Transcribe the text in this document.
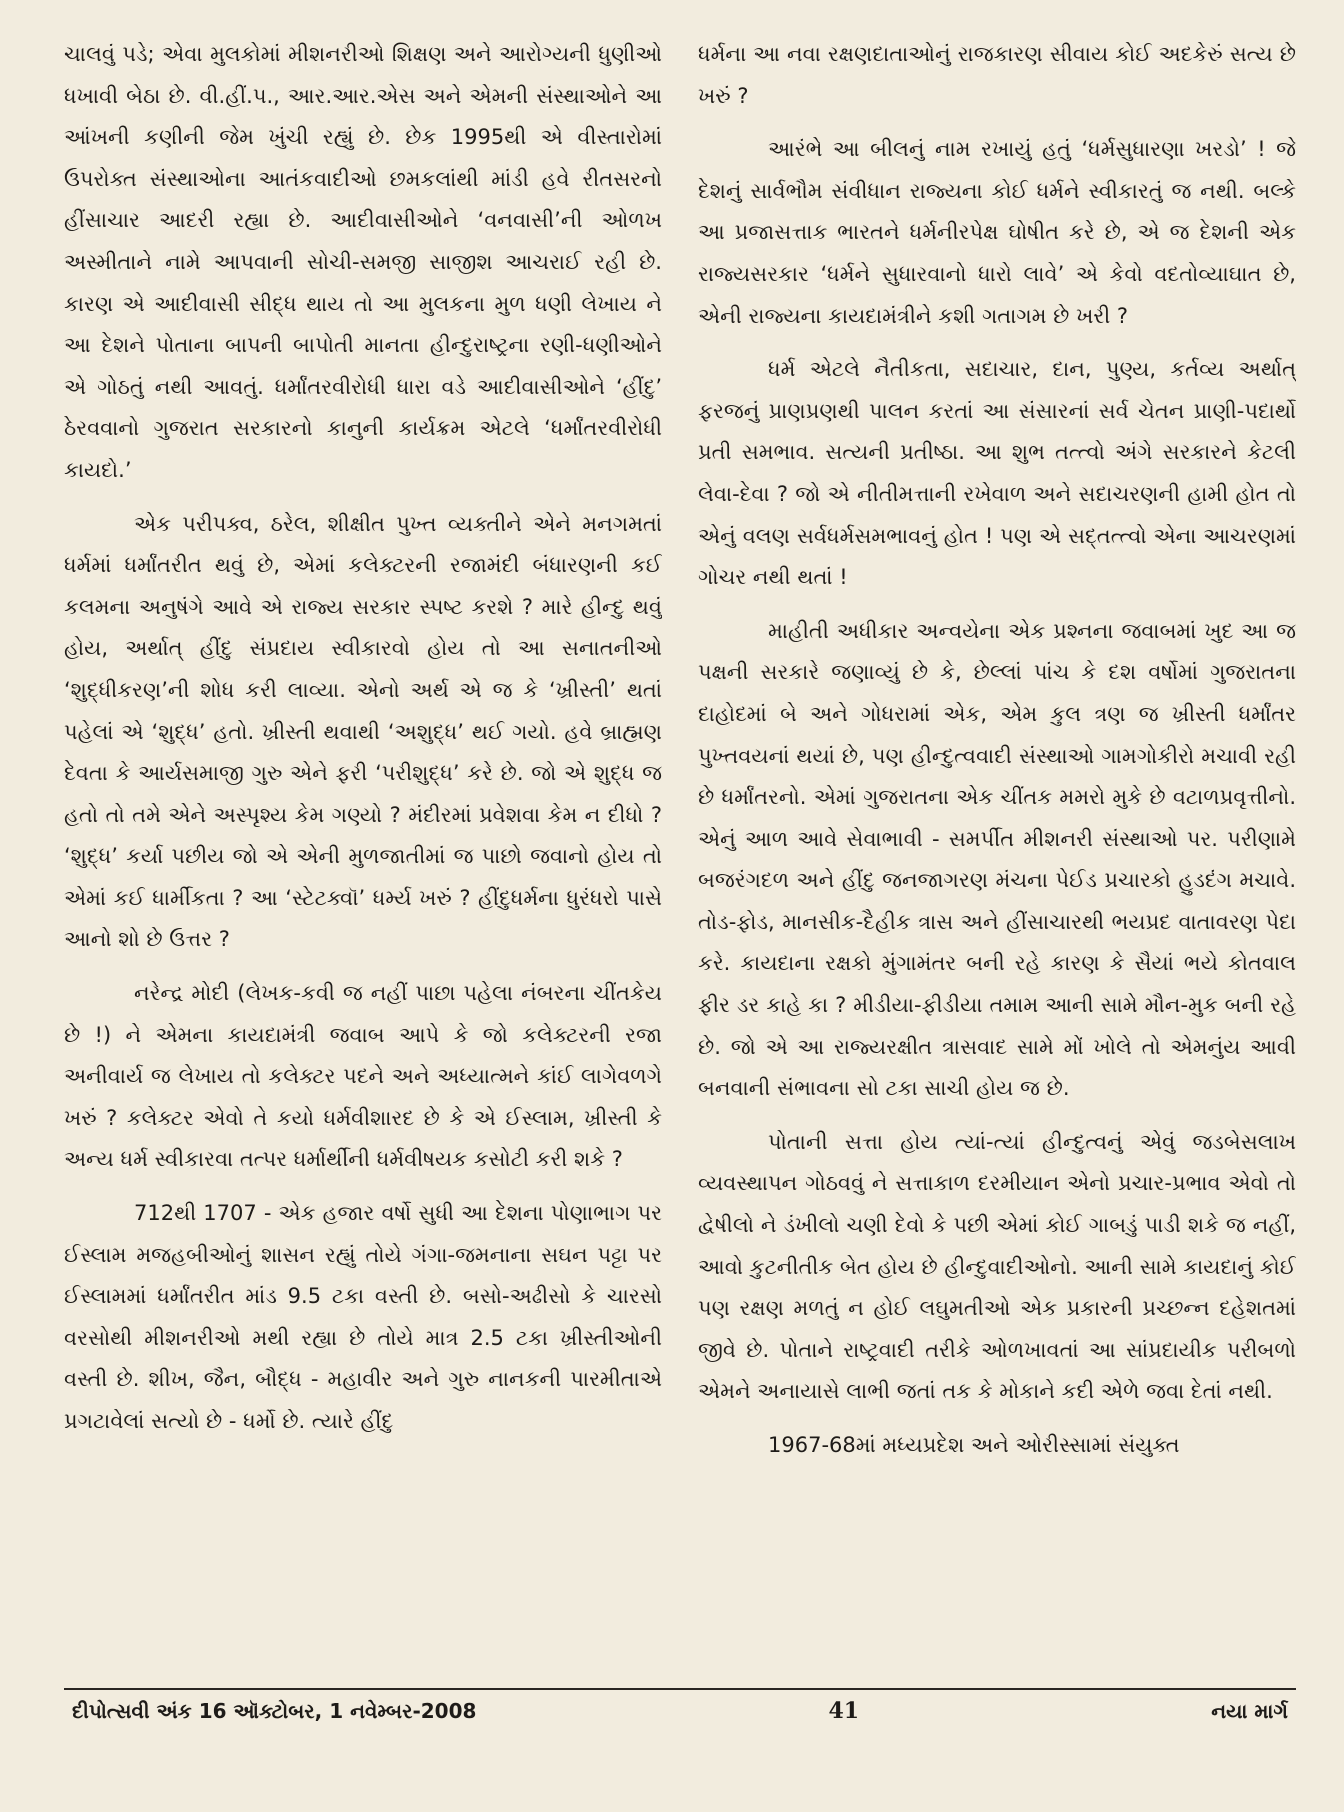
ચાલવું પડે; એવા મુલકોમાં મીશનરીઓ શિક્ષણ અને આરોગ્યની ધુણીઓ ધખાવી બેઠા છે. વી.હીં.પ., આર.આર.એસ અને એમની સંસ્થાઓને આ આંખની કણીની જેમ ખુંચી રહ્યું છે. છેક 1995થી એ વીસ્તારોમાં ઉપરોક્ત સંસ્થાઓના આતંકવાદીઓ છમકલાંથી માંડી હવે રીતસરનો હીંસાચાર આદરી રહ્યા છે. આદીવાસીઓને ‘વનવાસી’ની ઓળખ અસ્મીતાને નામે આપવાની સોચી-સમજી સાજીશ આચરાઈ રહી છે. કારણ એ આદીવાસી સીદ્ધ થાય તો આ મુલકના મુળ ધણી લેખાય ને આ દેશને પોતાના બાપની બાપોતી માનતા હીન્દુરાષ્ટ્રના રણી-ધણીઓને એ ગોઠતું નથી આવતું. ધર્માંતરવીરોધી ધારા વડે આદીવાસીઓને ‘હીંદુ’ ઠેરવવાનો ગુજરાત સરકારનો કાનુની કાર્યક્રમ એટલે ‘ધર્માંતરવીરોધી કાયદો.’

એક પરીપક્વ, ઠરેલ, શીક્ષીત પુખ્ત વ્યક્તીને એને મનગમતાં ધર્મમાં ધર્માંતરીત થવું છે, એમાં કલેક્ટરની રજામંદી બંધારણની કઈ કલમના અનુષંગે આવે એ રાજ્ય સરકાર સ્પષ્ટ કરશે ? મારે હીન્દુ થવું હોય, અર્થાત્ હીંદુ સંપ્રદાય સ્વીકારવો હોય તો આ સનાતનીઓ ‘શુદ્ધીકરણ’ની શોધ કરી લાવ્યા. એનો અર્થ એ જ કે ‘ખ્રીસ્તી’ થતાં પહેલાં એ ‘શુદ્ધ’ હતો. ખ્રીસ્તી થવાથી ‘અશુદ્ધ’ થઈ ગયો. હવે બ્રાહ્મણ દેવતા કે આર્યસમાજી ગુરુ એને ફરી ‘પરીશુદ્ધ’ કરે છે. જો એ શુદ્ધ જ હતો તો તમે એને અસ્પૃશ્ય કેમ ગણ્યો ? મંદીરમાં પ્રવેશવા કેમ ન દીધો ? ‘શુદ્ધ’ કર્યા પછીય જો એ એની મુળજાતીમાં જ પાછો જવાનો હોય તો એમાં કઈ ધાર્મીકતા ? આ ‘સ્ટેટક્વૉ’ ધર્મ્ય ખરું ? હીંદુધર્મના ધુરંધરો પાસે આનો શો છે ઉત્તર ?

નરેન્દ્ર મોદી (લેખક-કવી જ નહીં પાછા પહેલા નંબરના ચીંતકેય છે !) ને એમના કાયદામંત્રી જવાબ આપે કે જો કલેક્ટરની રજા અનીવાર્ય જ લેખાય તો કલેક્ટર પદને અને અધ્યાત્મને કાંઈ લાગેવળગે ખરું ? કલેક્ટર એવો તે કયો ધર્મવીશારદ છે કે એ ઈસ્લામ, ખ્રીસ્તી કે અન્ય ધર્મ સ્વીકારવા તત્પર ધર્માર્થીની ધર્મવીષયક કસોટી કરી શકે ?

712થી 1707 - એક હજાર વર્ષો સુધી આ દેશના પોણાભાગ પર ઈસ્લામ મજહબીઓનું શાસન રહ્યું તોયે ગંગા-જમનાના સઘન પટ્ટા પર ઈસ્લામમાં ધર્માંતરીત માંડ 9.5 ટકા વસ્તી છે. બસો-અઢીસો કે ચારસો વરસોથી મીશનરીઓ મથી રહ્યા છે તોયે માત્ર 2.5 ટકા ખ્રીસ્તીઓની વસ્તી છે. શીખ, જૈન, બૌદ્ધ - મહાવીર અને ગુરુ નાનકની પારમીતાએ પ્રગટાવેલાં સત્યો છે - ધર્મો છે. ત્યારે હીંદુ

ધર્મના આ નવા રક્ષણદાતાઓનું રાજકારણ સીવાય કોઈ અદકેરું સત્ય છે ખરું ?

આરંભે આ બીલનું નામ રખાયું હતું ‘ધર્મસુધારણા ખરડો’ ! જે દેશનું સાર્વભૌમ સંવીધાન રાજ્યના કોઈ ધર્મને સ્વીકારતું જ નથી. બલ્કે આ પ્રજાસત્તાક ભારતને ધર્મનીરપેક્ષ ઘોષીત કરે છે, એ જ દેશની એક રાજ્યસરકાર ‘ધર્મને સુધારવાનો ધારો લાવે’ એ કેવો વદતોવ્યાઘાત છે, એની રાજ્યના કાયદામંત્રીને કશી ગતાગમ છે ખરી ?

ધર્મ એટલે નૈતીકતા, સદાચાર, દાન, પુણ્ય, કર્તવ્ય અર્થાત્ ફરજનું પ્રાણપ્રણથી પાલન કરતાં આ સંસારનાં સર્વ ચેતન પ્રાણી-પદાર્થો પ્રતી સમભાવ. સત્યની પ્રતીષ્ઠા. આ શુભ તત્ત્વો અંગે સરકારને કેટલી લેવા-દેવા ? જો એ નીતીમત્તાની રખેવાળ અને સદાચરણની હામી હોત તો એનું વલણ સર્વધર્મસમભાવનું હોત ! પણ એ સદ્તત્ત્વો એના આચરણમાં ગોચર નથી થતાં !

માહીતી અધીકાર અન્વયેના એક પ્રશ્નના જવાબમાં ખુદ આ જ પક્ષની સરકારે જણાવ્યું છે કે, છેલ્લાં પાંચ કે દશ વર્ષોમાં ગુજરાતના દાહોદમાં બે અને ગોધરામાં એક, એમ કુલ ત્રણ જ ખ્રીસ્તી ધર્માંતર પુખ્તવયનાં થયાં છે, પણ હીન્દુત્વવાદી સંસ્થાઓ ગામગોકીરો મચાવી રહી છે ધર્માંતરનો. એમાં ગુજરાતના એક ચીંતક મમરો મુકે છે વટાળપ્રવૃત્તીનો. એનું આળ આવે સેવાભાવી - સમર્પીત મીશનરી સંસ્થાઓ પર. પરીણામે બજરંગદળ અને હીંદુ જનજાગરણ મંચના પેઈડ પ્રચારકો હુડદંગ મચાવે. તોડ-ફોડ, માનસીક-દૈહીક ત્રાસ અને હીંસાચારથી ભયપ્રદ વાતાવરણ પેદા કરે. કાયદાના રક્ષકો મુંગામંતર બની રહે કારણ કે સૈયાં ભયે કોતવાલ ફીર ડર કાહે કા ? મીડીયા-ફીડીયા તમામ આની સામે મૌન-મુક બની રહે છે. જો એ આ રાજ્યરક્ષીત ત્રાસવાદ સામે મોં ખોલે તો એમનુંય આવી બનવાની સંભાવના સો ટકા સાચી હોય જ છે.

પોતાની સત્તા હોય ત્યાં-ત્યાં હીન્દુત્વનું એવું જડબેસલાખ વ્યવસ્થાપન ગોઠવવું ને સત્તાકાળ દરમીયાન એનો પ્રચાર-પ્રભાવ એવો તો દ્વેષીલો ને ડંખીલો ચણી દેવો કે પછી એમાં કોઈ ગાબડું પાડી શકે જ નહીં, આવો કુટનીતીક બેત હોય છે હીન્દુવાદીઓનો. આની સામે કાયદાનું કોઈ પણ રક્ષણ મળતું ન હોઈ લઘુમતીઓ એક પ્રકારની પ્રચ્છન્ન દહેશતમાં જીવે છે. પોતાને રાષ્ટ્રવાદી તરીકે ઓળખાવતાં આ સાંપ્રદાયીક પરીબળો એમને અનાયાસે લાભી જતાં તક કે મોકાને કદી એળે જવા દેતાં નથી.

1967-68માં મધ્યપ્રદેશ અને ઓરીસ્સામાં સંયુક્ત

દીપોત્સવી અંક 16 ઑક્ટોબર, 1 નવેમ્બર-2008	41	નયા માર્ગ
